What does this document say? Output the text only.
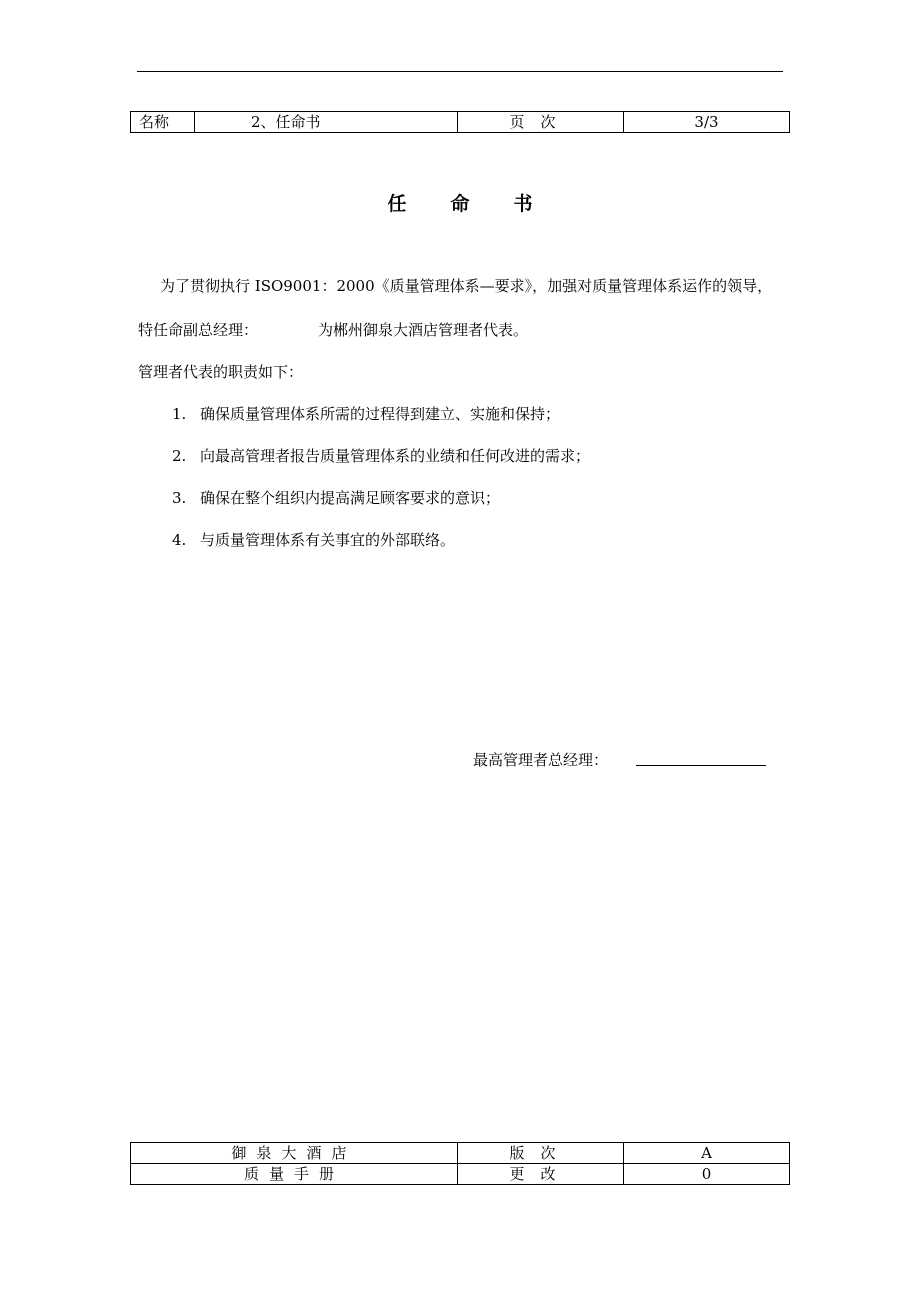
名称	2、任命书	页次	3/3
任命书
为了贯彻执行 ISO9001：2000《质量管理体系—要求》，加强对质量管理体系运作的领导，
特任命副总经理：	为郴州御泉大酒店管理者代表。
管理者代表的职责如下：
1. 确保质量管理体系所需的过程得到建立、实施和保持；
2. 向最高管理者报告质量管理体系的业绩和任何改进的需求；
3. 确保在整个组织内提高满足顾客要求的意识；
4. 与质量管理体系有关事宜的外部联络。
最高管理者总经理：
御泉大酒店	版次	A
质量手册	更改	0
